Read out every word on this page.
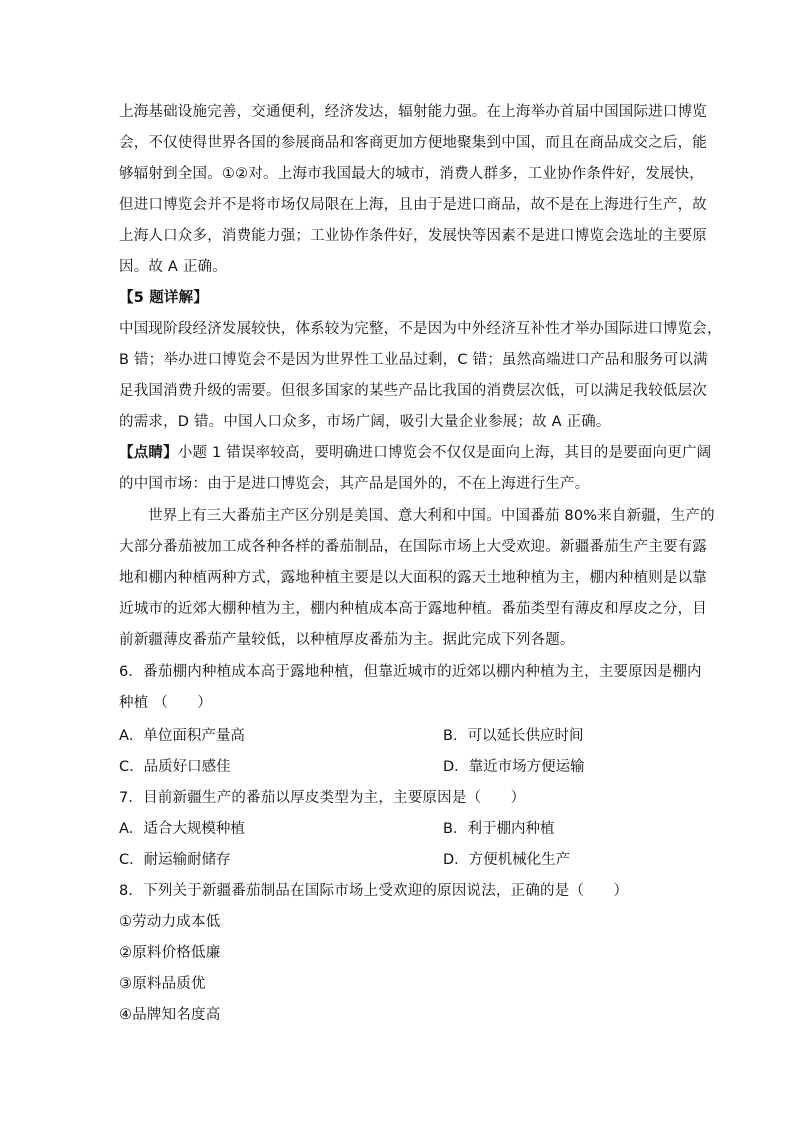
上海基础设施完善，交通便利，经济发达，辐射能力强。在上海举办首届中国国际进口博览
会，不仅使得世界各国的参展商品和客商更加方便地聚集到中国，而且在商品成交之后，能
够辐射到全国。①②对。上海市我国最大的城市，消费人群多，工业协作条件好，发展快，
但进口博览会并不是将市场仅局限在上海，且由于是进口商品，故不是在上海进行生产，故
上海人口众多，消费能力强；工业协作条件好，发展快等因素不是进口博览会选址的主要原
因。故 A 正确。
【5 题详解】
中国现阶段经济发展较快，体系较为完整，不是因为中外经济互补性才举办国际进口博览会，
B 错；举办进口博览会不是因为世界性工业品过剩，C 错；虽然高端进口产品和服务可以满
足我国消费升级的需要。但很多国家的某些产品比我国的消费层次低，可以满足我较低层次
的需求，D 错。中国人口众多，市场广阔，吸引大量企业参展；故 A 正确。
【点睛】小题 1 错误率较高，要明确进口博览会不仅仅是面向上海，其目的是要面向更广阔
的中国市场：由于是进口博览会，其产品是国外的，不在上海进行生产。
世界上有三大番茄主产区分别是美国、意大利和中国。中国番茄 80%来自新疆，生产的
大部分番茄被加工成各种各样的番茄制品，在国际市场上大受欢迎。新疆番茄生产主要有露
地和棚内种植两种方式，露地种植主要是以大面积的露天土地种植为主，棚内种植则是以靠
近城市的近郊大棚种植为主，棚内种植成本高于露地种植。番茄类型有薄皮和厚皮之分，目
前新疆薄皮番茄产量较低，以种植厚皮番茄为主。据此完成下列各题。
6．番茄棚内种植成本高于露地种植，但靠近城市的近郊以棚内种植为主，主要原因是棚内
种植 （　　）
A．单位面积产量高	B．可以延长供应时间
C．品质好口感佳	D．靠近市场方便运输
7．目前新疆生产的番茄以厚皮类型为主，主要原因是（　　）
A．适合大规模种植	B．利于棚内种植
C．耐运输耐储存	D．方便机械化生产
8．下列关于新疆番茄制品在国际市场上受欢迎的原因说法，正确的是（　　）
①劳动力成本低
②原料价格低廉
③原料品质优
④品牌知名度高
